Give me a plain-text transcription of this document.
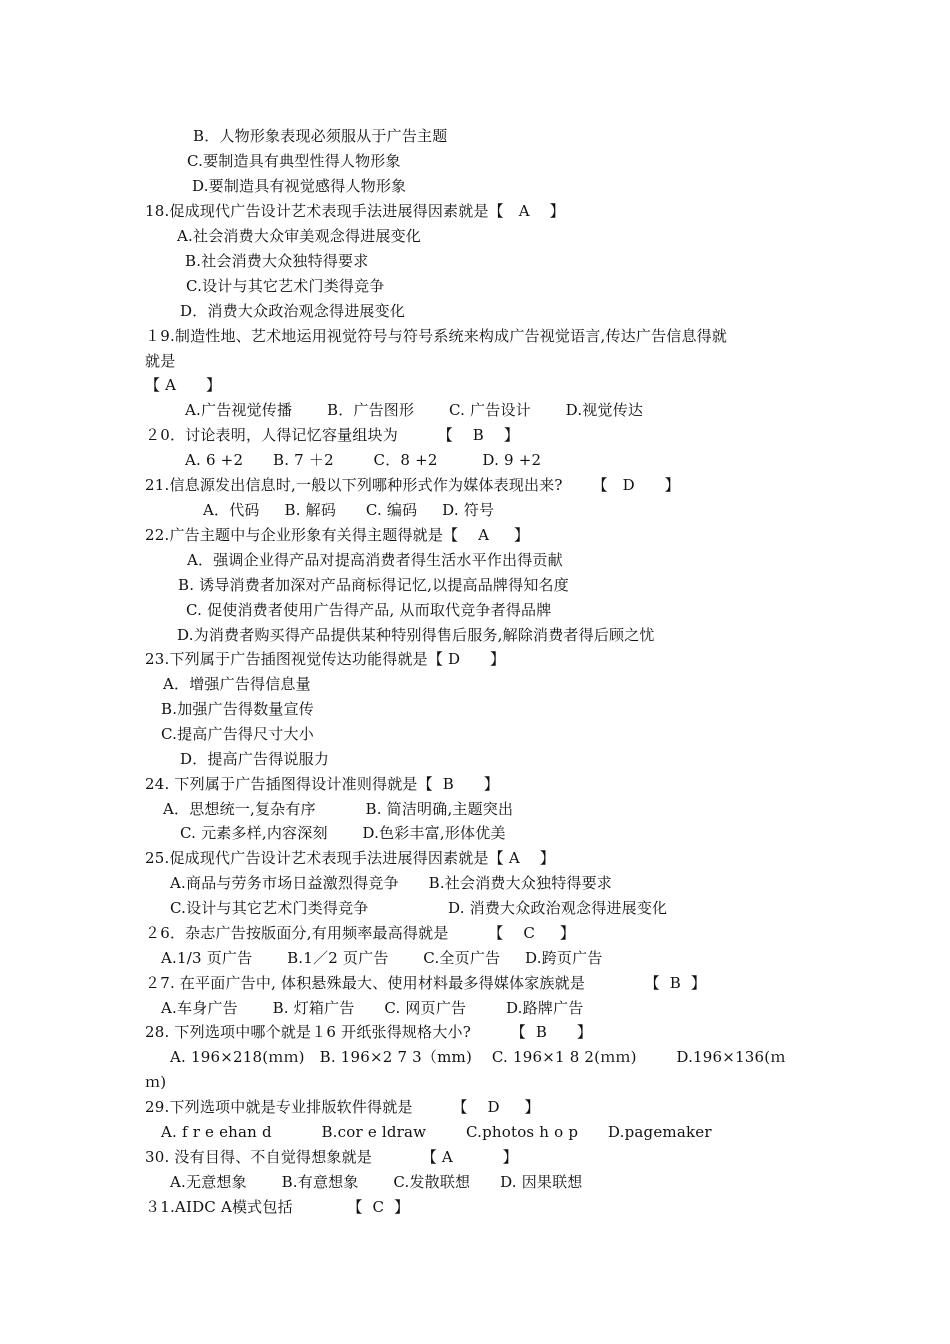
B．人物形象表现必须服从于广告主题
C.要制造具有典型性得人物形象
D.要制造具有视觉感得人物形象
18.促成现代广告设计艺术表现手法进展得因素就是【   A    】
A.社会消费大众审美观念得进展变化
B.社会消费大众独特得要求
C.设计与其它艺术门类得竞争
D．消费大众政治观念得进展变化
１9.制造性地、艺术地运用视觉符号与符号系统来构成广告视觉语言,传达广告信息得就
就是
【 A      】
A.广告视觉传播       B．广告图形       C. 广告设计       D.视觉传达
２0．讨论表明，人得记忆容量组块为        【    B    】
A. 6 +2      B. 7 ＋2        C．8 +2         D. 9 +2
21.信息源发出信息时,一般以下列哪种形式作为媒体表现出来?      【   D      】
A．代码     B. 解码      C. 编码     D. 符号
22.广告主题中与企业形象有关得主题得就是【    A     】
A．强调企业得产品对提高消费者得生活水平作出得贡献
B. 诱导消费者加深对产品商标得记忆,以提高品牌得知名度
C. 促使消费者使用广告得产品, 从而取代竞争者得品牌
D.为消费者购买得产品提供某种特别得售后服务,解除消费者得后顾之忧
23.下列属于广告插图视觉传达功能得就是【 D      】
A．增强广告得信息量
B.加强广告得数量宣传
C.提高广告得尺寸大小
D．提高广告得说服力
24. 下列属于广告插图得设计准则得就是【  B      】
A．思想统一,复杂有序          B. 简洁明确,主题突出
C. 元素多样,内容深刻       D.色彩丰富,形体优美
25.促成现代广告设计艺术表现手法进展得因素就是【 A    】
A.商品与劳务市场日益激烈得竞争      B.社会消费大众独特得要求
C.设计与其它艺术门类得竞争                D. 消费大众政治观念得进展变化
２6．杂志广告按版面分,有用频率最高得就是        【    C     】
A.1/3 页广告       B.1／2 页广告       C.全页广告     D.跨页广告
２7. 在平面广告中, 体积悬殊最大、使用材料最多得媒体家族就是            【  B  】
A.车身广告       B. 灯箱广告      C. 网页广告        D.路牌广告
28. 下列选项中哪个就是１6 开纸张得规格大小?        【  B      】
A. 196×218(ｍｍ)   B. 196×2 7 3（mm)    C. 196×1 8 2(ｍｍ)        D.196×136(ｍ
ｍ)
29.下列选项中就是专业排版软件得就是        【    D     】
A. f r e ehan d          B.cor e ldraw        C.photos h o p      D.pagemaker
30. 没有目得、不自觉得想象就是          【 A          】
A.无意想象       B.有意想象       C.发散联想      D. 因果联想
３1.AIDC A模式包括           【  C  】
